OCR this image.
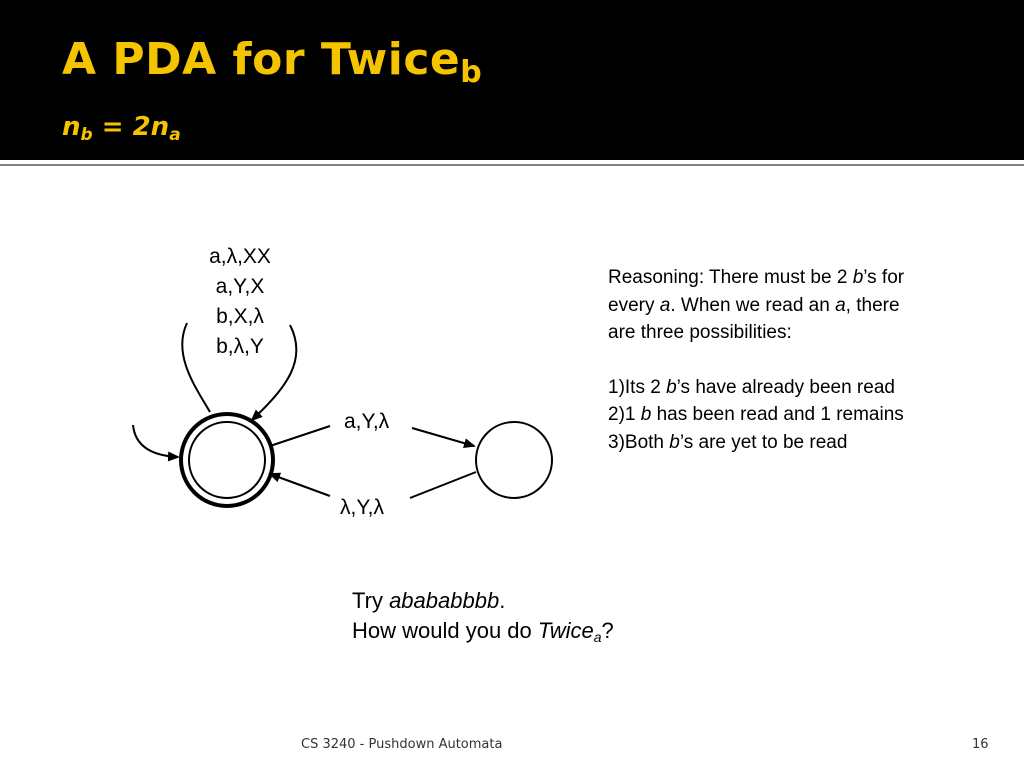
A PDA for Twice$_b$
$n_b = 2n_a$
a,λ,XX
a,Y,X
b,X,λ
b,λ,Y
a,Y,λ
λ,Y,λ

Reasoning: There must be 2 b’s for every a. When we read an a, there are three possibilities:

1)Its 2 b’s have already been read

2)1 b has been read and 1 remains

3)Both b’s are yet to be read

Try abababbbb.
How would you do Twice$_a$?
CS 3240 - Pushdown Automata	16
